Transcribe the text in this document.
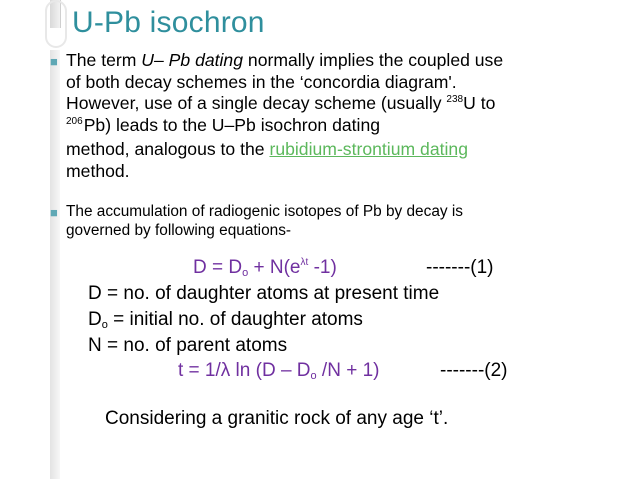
U-Pb isochron
■ The term U– Pb dating normally implies the coupled use
of both decay schemes in the ‘concordia diagram'.
However, use of a single decay scheme (usually $^{238}$U to
$^{206}$Pb) leads to the U–Pb isochron dating
method, analogous to the rubidium-strontium dating
method.
■ The accumulation of radiogenic isotopes of Pb by decay is
governed by following equations-
$D = D_o + N(e^{\lambda t}$ -1)	-------(1)
D = no. of daughter atoms at present time
$D_o$ = initial no. of daughter atoms
N = no. of parent atoms
t = 1/λ $\ln (D - D_o$ /N + 1)	-------(2)
Considering a granitic rock of any age ‘t’.
